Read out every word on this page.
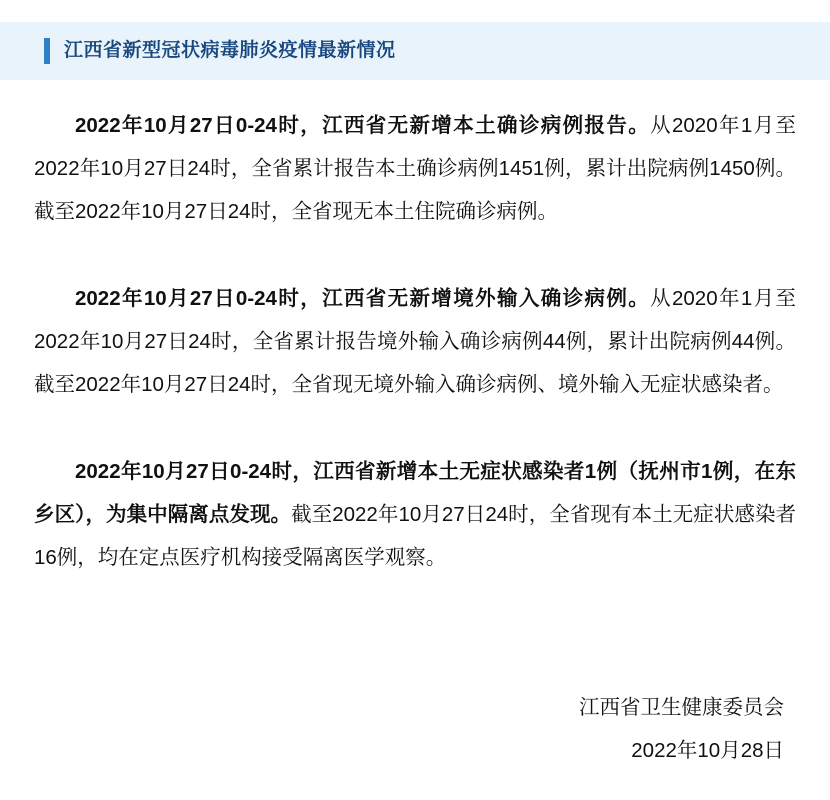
江西省新型冠状病毒肺炎疫情最新情况

2022年10月27日0-24时，江西省无新增本土确诊病例报告。从2020年1月至2022年10月27日24时，全省累计报告本土确诊病例1451例，累计出院病例1450例。截至2022年10月27日24时，全省现无本土住院确诊病例。

2022年10月27日0-24时，江西省无新增境外输入确诊病例。从2020年1月至2022年10月27日24时，全省累计报告境外输入确诊病例44例，累计出院病例44例。截至2022年10月27日24时，全省现无境外输入确诊病例、境外输入无症状感染者。

2022年10月27日0-24时，江西省新增本土无症状感染者1例（抚州市1例，在东乡区），为集中隔离点发现。截至2022年10月27日24时，全省现有本土无症状感染者16例，均在定点医疗机构接受隔离医学观察。

江西省卫生健康委员会
2022年10月28日
